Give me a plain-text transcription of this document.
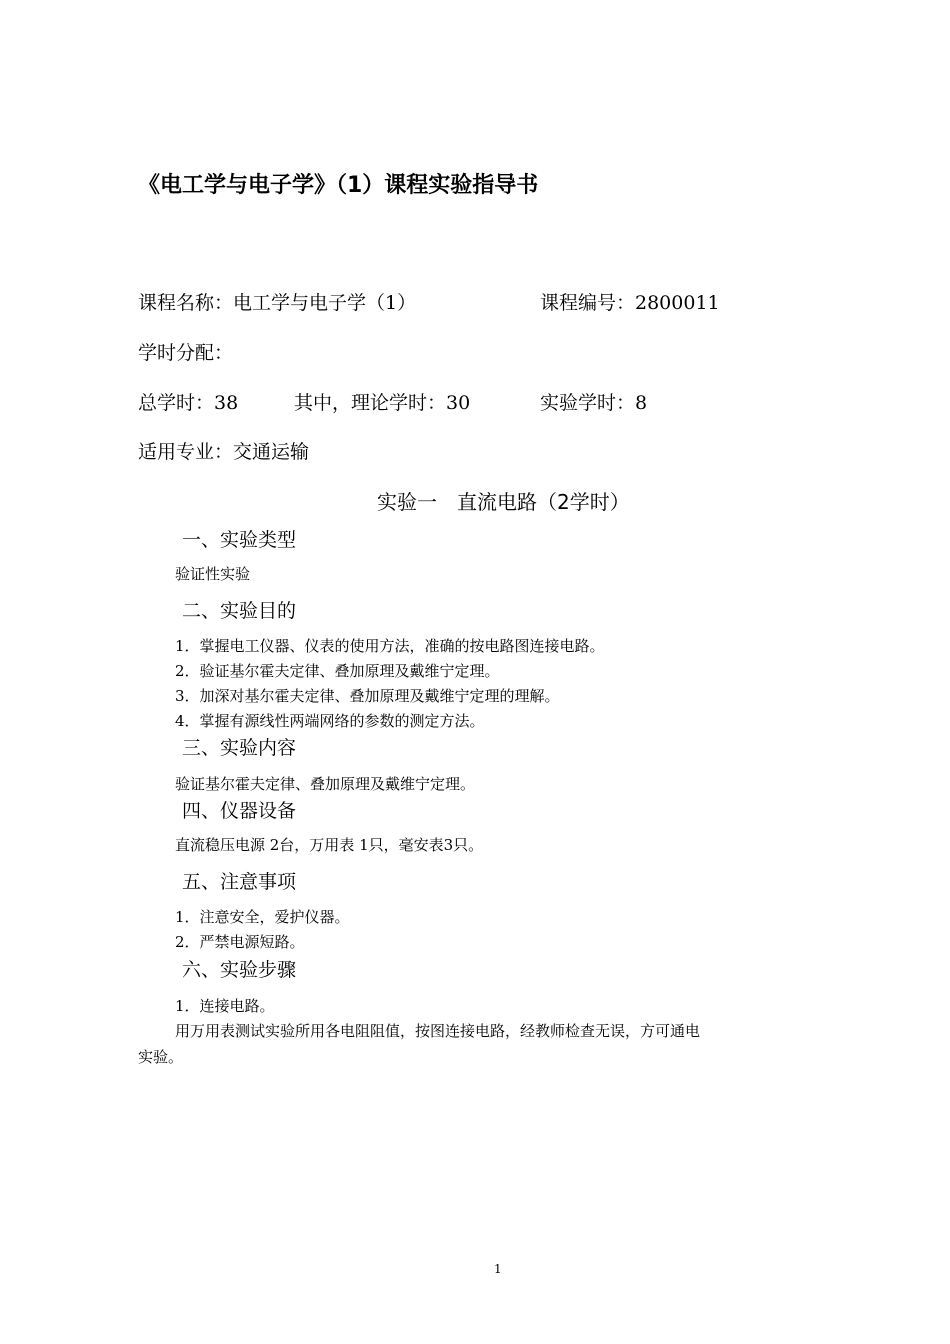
《电工学与电子学》（1）课程实验指导书
课程名称：电工学与电子学（1）	课程编号：2800011
学时分配：
总学时：38	其中，理论学时：30	实验学时：8
适用专业：交通运输
实验一　直流电路（2学时）
一、实验类型
验证性实验
二、实验目的
1．掌握电工仪器、仪表的使用方法，准确的按电路图连接电路。
2．验证基尔霍夫定律、叠加原理及戴维宁定理。
3．加深对基尔霍夫定律、叠加原理及戴维宁定理的理解。
4．掌握有源线性两端网络的参数的测定方法。
三、实验内容
验证基尔霍夫定律、叠加原理及戴维宁定理。
四、仪器设备
直流稳压电源 2台，万用表 1只，毫安表3只。
五、注意事项
1．注意安全，爱护仪器。
2．严禁电源短路。
六、实验步骤
1．连接电路。
用万用表测试实验所用各电阻阻值，按图连接电路，经教师检查无误，方可通电
实验。
1
